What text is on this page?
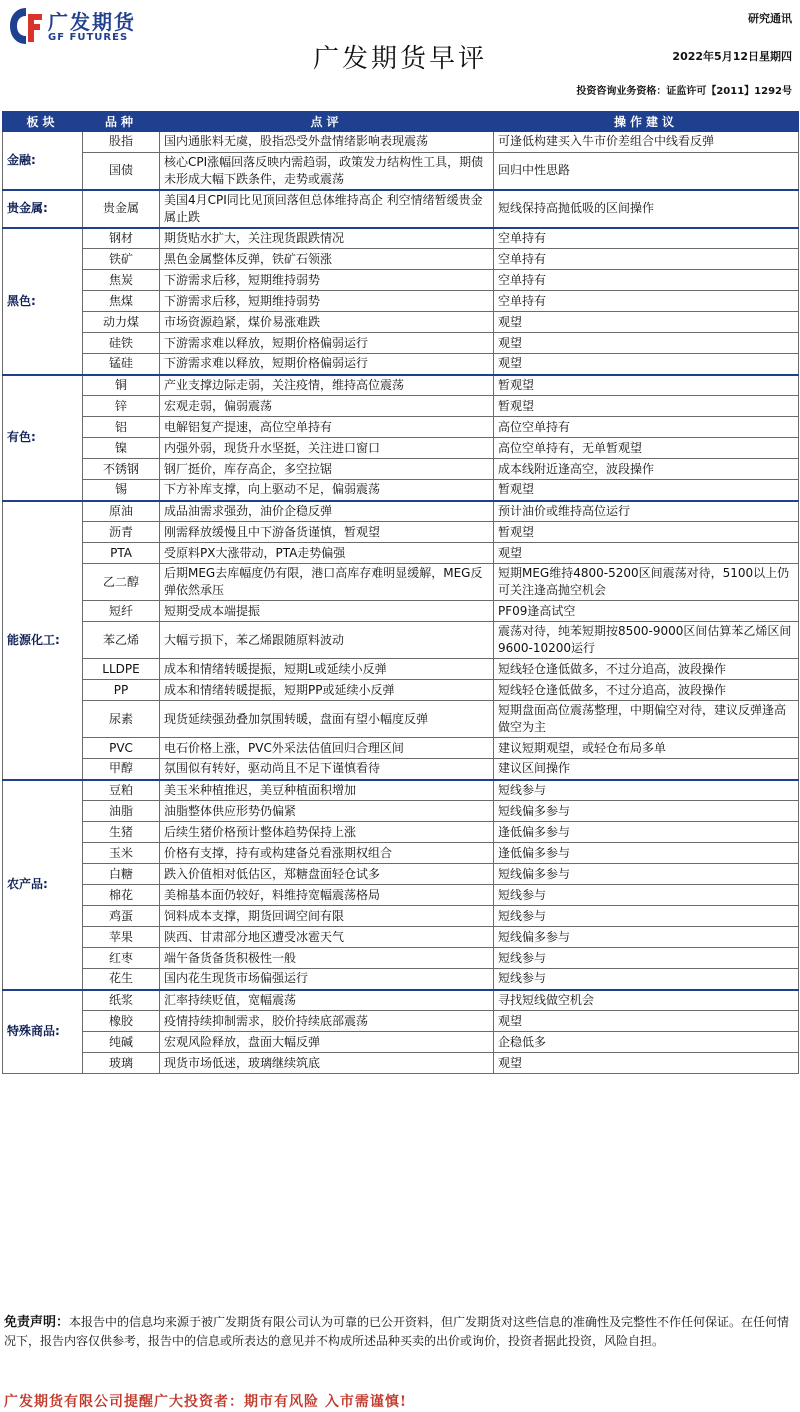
广发期货
GF FUTURES
研究通讯
广发期货早评	2022年5月12日星期四
投资咨询业务资格：证监许可【2011】1292号
板块	品种	点评	操作建议
金融:	股指	国内通胀料无虞，股指恐受外盘情绪影响表现震荡	可逢低构建买入牛市价差组合中线看反弹
	国债	核心CPI涨幅回落反映内需趋弱，政策发力结构性工具，期债未形成大幅下跌条件，走势或震荡	回归中性思路
贵金属:	贵金属	美国4月CPI同比见顶回落但总体维持高企 利空情绪暂缓贵金属止跌	短线保持高抛低吸的区间操作
黑色:	钢材	期货贴水扩大，关注现货跟跌情况	空单持有
	铁矿	黑色金属整体反弹，铁矿石领涨	空单持有
	焦炭	下游需求后移，短期维持弱势	空单持有
	焦煤	下游需求后移，短期维持弱势	空单持有
	动力煤	市场资源趋紧，煤价易涨难跌	观望
	硅铁	下游需求难以释放，短期价格偏弱运行	观望
	锰硅	下游需求难以释放，短期价格偏弱运行	观望
有色:	铜	产业支撑边际走弱，关注疫情，维持高位震荡	暂观望
	锌	宏观走弱，偏弱震荡	暂观望
	铝	电解铝复产提速，高位空单持有	高位空单持有
	镍	内强外弱，现货升水坚挺，关注进口窗口	高位空单持有，无单暂观望
	不锈钢	钢厂挺价，库存高企，多空拉锯	成本线附近逢高空，波段操作
	锡	下方补库支撑，向上驱动不足，偏弱震荡	暂观望
能源化工:	原油	成品油需求强劲，油价企稳反弹	预计油价或维持高位运行
	沥青	刚需释放缓慢且中下游备货谨慎，暂观望	暂观望
	PTA	受原料PX大涨带动，PTA走势偏强	观望
	乙二醇	后期MEG去库幅度仍有限，港口高库存难明显缓解，MEG反弹依然承压	短期MEG维持4800-5200区间震荡对待，5100以上仍可关注逢高抛空机会
	短纤	短期受成本端提振	PF09逢高试空
	苯乙烯	大幅亏损下，苯乙烯跟随原料波动	震荡对待，纯苯短期按8500-9000区间估算苯乙烯区间9600-10200运行
	LLDPE	成本和情绪转暖提振，短期L或延续小反弹	短线轻仓逢低做多，不过分追高，波段操作
	PP	成本和情绪转暖提振，短期PP或延续小反弹	短线轻仓逢低做多，不过分追高，波段操作
	尿素	现货延续强劲叠加氛围转暖，盘面有望小幅度反弹	短期盘面高位震荡整理，中期偏空对待，建议反弹逢高做空为主
	PVC	电石价格上涨，PVC外采法估值回归合理区间	建议短期观望，或轻仓布局多单
	甲醇	氛围似有转好，驱动尚且不足下谨慎看待	建议区间操作
农产品:	豆粕	美玉米种植推迟，美豆种植面积增加	短线参与
	油脂	油脂整体供应形势仍偏紧	短线偏多参与
	生猪	后续生猪价格预计整体趋势保持上涨	逢低偏多参与
	玉米	价格有支撑，持有或构建备兑看涨期权组合	逢低偏多参与
	白糖	跌入价值相对低估区，郑糖盘面轻仓试多	短线偏多参与
	棉花	美棉基本面仍较好，料维持宽幅震荡格局	短线参与
	鸡蛋	饲料成本支撑，期货回调空间有限	短线参与
	苹果	陕西、甘肃部分地区遭受冰雹天气	短线偏多参与
	红枣	端午备货备货积极性一般	短线参与
	花生	国内花生现货市场偏强运行	短线参与
特殊商品:	纸浆	汇率持续贬值，宽幅震荡	寻找短线做空机会
	橡胶	疫情持续抑制需求，胶价持续底部震荡	观望
	纯碱	宏观风险释放，盘面大幅反弹	企稳低多
	玻璃	现货市场低迷，玻璃继续筑底	观望
免责声明：本报告中的信息均来源于被广发期货有限公司认为可靠的已公开资料，但广发期货对这些信息的准确性及完整性不作任何保证。在任何情况下，报告内容仅供参考，报告中的信息或所表达的意见并不构成所述品种买卖的出价或询价，投资者据此投资，风险自担。
广发期货有限公司提醒广大投资者：期市有风险 入市需谨慎!
